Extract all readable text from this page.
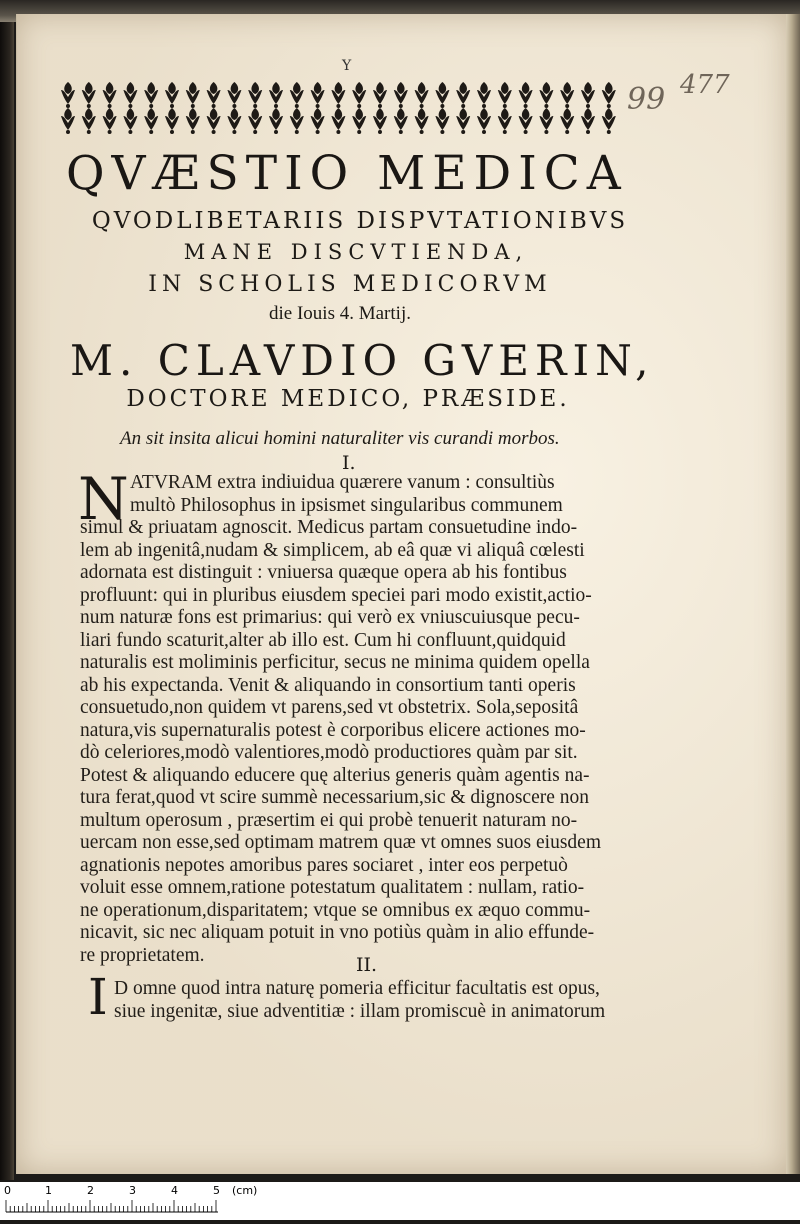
Y
99 477
QVÆSTIO MEDICA
QVODLIBETARIIS DISPVTATIONIBVS
MANE DISCVTIENDA,
IN SCHOLIS MEDICORVM
die Iouis 4. Martij.
M. CLAVDIO GVERIN,
DOCTORE MEDICO, PRÆSIDE.
An sit insita alicui homini naturaliter vis curandi morbos.
I.
N ATVRAM extra indiuidua quærere vanum : consultiùs
multò Philosophus in ipsismet singularibus communem
simul & priuatam agnoscit. Medicus partam consuetudine indo-
lem ab ingenitâ,nudam & simplicem, ab eâ quæ vi aliquâ cœlesti
adornata est distinguit : vniuersa quæque opera ab his fontibus
profluunt: qui in pluribus eiusdem speciei pari modo existit,actio-
num naturæ fons est primarius: qui verò ex vniuscuiusque pecu-
liari fundo scaturit,alter ab illo est. Cum hi confluunt,quidquid
naturalis est moliminis perficitur, secus ne minima quidem opella
ab his expectanda. Venit & aliquando in consortium tanti operis
consuetudo,non quidem vt parens,sed vt obstetrix. Sola,sepositâ
natura,vis supernaturalis potest è corporibus elicere actiones mo-
dò celeriores,modò valentiores,modò productiores quàm par sit.
Potest & aliquando educere quę alterius generis quàm agentis na-
tura ferat,quod vt scire summè necessarium,sic & dignoscere non
multum operosum , præsertim ei qui probè tenuerit naturam no-
uercam non esse,sed optimam matrem quæ vt omnes suos eiusdem
agnationis nepotes amoribus pares sociaret , inter eos perpetuò
voluit esse omnem,ratione potestatum qualitatem : nullam, ratio-
ne operationum,disparitatem; vtque se omnibus ex æquo commu-
nicavit, sic nec aliquam potuit in vno potiùs quàm in alio effunde-
re proprietatem.	II.
I D omne quod intra naturę pomeria efficitur facultatis est opus,
siue ingenitæ, siue adventitiæ : illam promiscuè in animatorum
0	1	2	3	4	5 (cm)
